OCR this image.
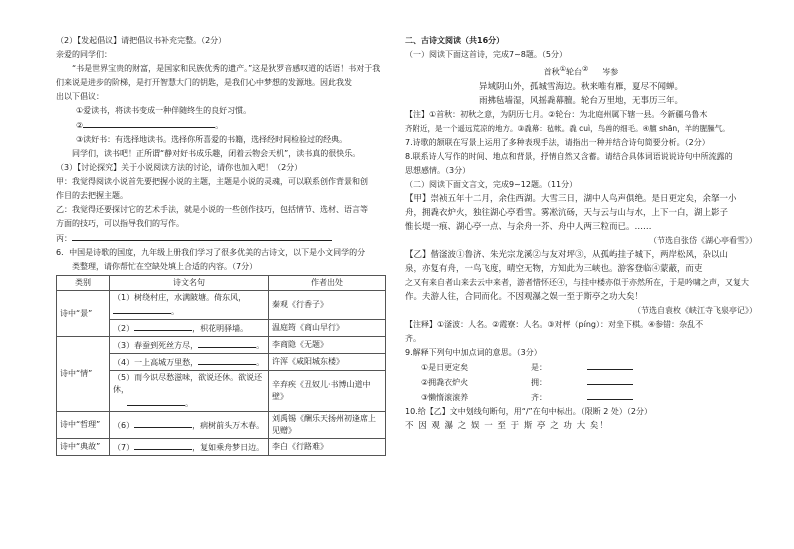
（2）【发起倡议】请把倡议书补充完整。（2分）
亲爱的同学们：
“书是世界宝贵的财富，是国家和民族优秀的遗产。”这是狄罗音感叹道的话语！书对于我
们来说是进步的阶梯，是打开智慧大门的钥匙，是我们心中梦想的发源地。因此我发
出以下倡议：
①爱读书，将读书变成一种伴随终生的良好习惯。
②	。
③读好书：有选择地读书。选择你所喜爱的书籍，选择经时间检验过的经典。
同学们，读书吧！正所谓“静对好书成乐趣，闭着云物会天机”，读书真的很快乐。
（3）【讨论探究】关于小说阅读方法的讨论，请你也加入吧！（2分）
甲：我觉得阅读小说首先要把握小说的主题，主题是小说的灵魂，可以联系创作背景和创
作目的去把握主题。
乙：我觉得还要探讨它的艺术手法，就是小说的一些创作技巧，包括情节、选材、语言等
方面的技巧，可以指导我们的写作。
丙：
6．中国是诗歌的国度，九年级上册我们学习了很多优美的古诗文，以下是小文同学的分
类整理，请你帮忙在空缺处填上合适的内容。（7分）
类别	诗文名句	作者出处
诗中“景”	（1）树绕村庄，水满陂塘。倚东风，。	秦观《行香子》
	（2） ，枳花明驿墙。	温庭筠《商山早行》
诗中“情”	（3）春蚕到死丝方尽， 。	李商隐《无题》
	（4）一上高城万里愁， 。	许浑《咸阳城东楼》
	（5）而今识尽愁滋味，欲说还休。欲说还休，
。	辛弃疾《丑奴儿·书博山道中壁》
诗中“哲理”	（6） ，病树前头万木春。	刘禹锡《酬乐天扬州初逢席上见赠》
诗中“典故”	（7） ，复如乘舟梦日边。	李白《行路难》
二、古诗文阅读（共16分）
（一）阅读下面这首诗，完成7~8题。（5分）
首秋①轮台② 岑参
异域阴山外，孤城雪海边。秋来唯有雁，夏尽不闻蝉。
雨拂毡墙湿，风摇毳幕膻。轮台万里地，无事历三年。
【注】①首秋：初秋之意，为阴历七月。②轮台：为北庭州属下辖一县。今新疆乌鲁木
齐附近，是一个遥远荒凉的地方。③毳幕：毡帐。毳 cuì，鸟兽的细毛。④膻 shān，羊的腥臊气。
7.诗歌的颔联在写景上运用了多种表现手法，请指出一种并结合诗句简要分析。（2分）
8.联系诗人写作的时间、地点和背景，抒情自然又含蓄。请结合具体词语说说诗句中所流露的
思想感情。（3分）
（二）阅读下面文言文，完成9~12题。（11分）
【甲】崇祯五年十二月，余住西湖。大雪三日，湖中人鸟声俱绝。是日更定矣，余拏一小
舟，拥毳衣炉火，独往湖心亭看雪。雾凇沆砀，天与云与山与水，上下一白，湖上影子
惟长堤一痕、湖心亭一点、与余舟一芥、舟中人两三粒而已。……
（节选自张岱《湖心亭看雪》）
【乙】偕滏波①鲁济、朱光宗龙溪②与友对坪③，从孤屿挂子城下，两岸松风，杂以山
泉，亦复有舟，一鸟飞度，晴空无物，方知此为三峡也。游客登临④蒙蔽，而吏
之又有来自者山来去云中来者，游者惜怀还④，与挂中楼亦似于亦然所在，于是吟啸之声，又复大
作。夫游人往，合同而化。不因观瀑之娱一至于斯亭之功大矣！
（节选自袁枚《峡江寺飞泉亭记》）
【注释】①滏波：人名。②霞寮：人名。③对枰（píng）：对坐下棋。④参错：杂乱不
齐。
9.解释下列句中加点词的意思。（3分）
①是日更定矣	是：
②拥毳衣炉火	拥：
③懒惰滚滚养	齐：
10.给【乙】文中划线句断句，用“/”在句中标出。（限断 2 处）（2分）
不 因 观 瀑 之 娱 一 至 于 斯 亭 之 功 大 矣！
